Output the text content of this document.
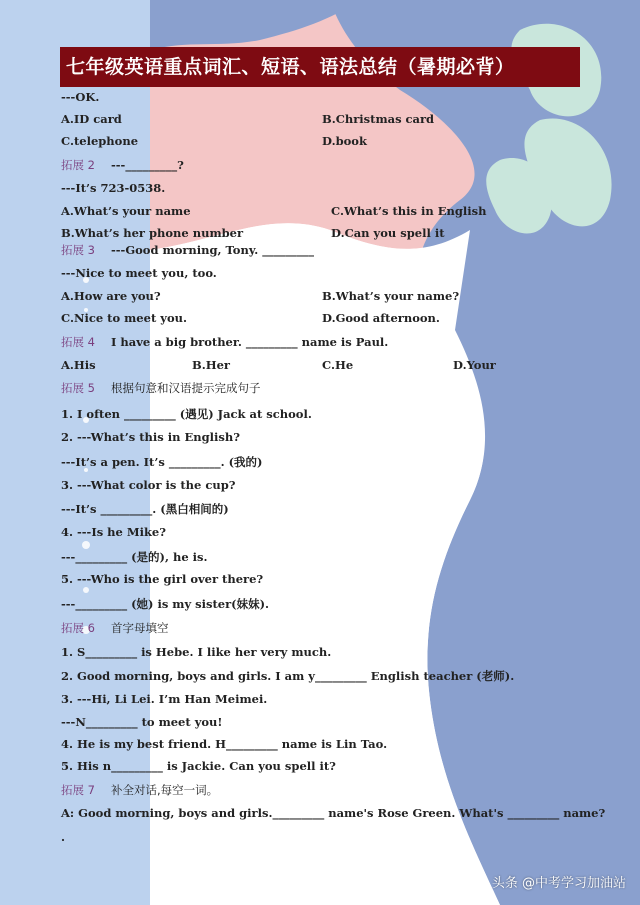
七年级英语重点词汇、短语、语法总结（暑期必背）
---OK.
A.ID card	B.Christmas card
C.telephone	D.book
拓展 2 ---_________?
---It’s 723-0538.
A.What’s your name	C.What’s this in English
B.What’s her phone number	D.Can you spell it
拓展 3 ---Good morning, Tony. _________
---Nice to meet you, too.
A.How are you?	B.What’s your name?
C.Nice to meet you.	D.Good afternoon.
拓展 4 I have a big brother. _________ name is Paul.
A.His	B.Her	C.He	D.Your
拓展 5 根据句意和汉语提示完成句子
1. I often _________ (遇见) Jack at school.
2. ---What’s this in English?
---It’s a pen. It’s _________. (我的)
3. ---What color is the cup?
---It’s _________. (黑白相间的)
4. ---Is he Mike?
---_________ (是的), he is.
5. ---Who is the girl over there?
---_________ (她) is my sister(妹妹).
拓展 6 首字母填空
1. S_________ is Hebe. I like her very much.
2. Good morning, boys and girls. I am y_________ English teacher (老师).
3. ---Hi, Li Lei. I’m Han Meimei.
---N_________ to meet you!
4. He is my best friend. H_________ name is Lin Tao.
5. His n_________ is Jackie. Can you spell it?
拓展 7 补全对话,每空一词。
A: Good morning, boys and girls._________ name's Rose Green. What's _________ name?
.
头条 @中考学习加油站
